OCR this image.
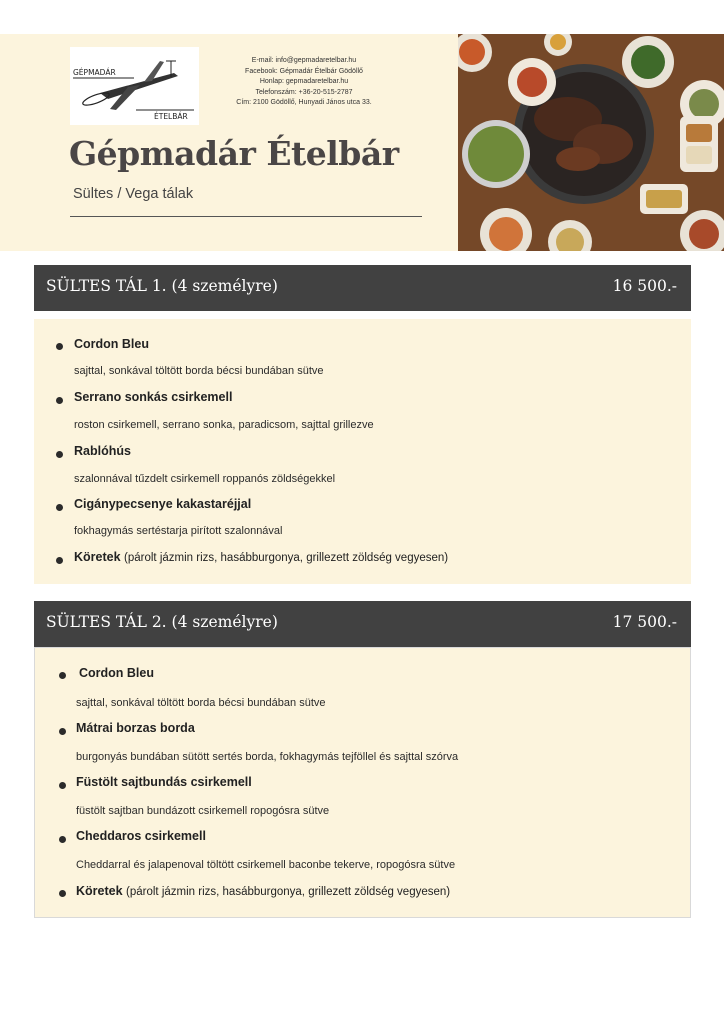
GÉPMADÁR
ÉTELBÁR
E-mail: info@gepmadaretelbar.hu
Facebook: Gépmadár Ételbár Gödöllő
Honlap: gepmadaretelbar.hu
Telefonszám: +36-20-515-2787
Cím: 2100 Gödöllő, Hunyadi János utca 33.
Gépmadár Ételbár
Sültes / Vega tálak
SÜLTES TÁL 1. (4 személyre)	16 500.-
Cordon Bleu
sajttal, sonkával töltött borda bécsi bundában sütve
Serrano sonkás csirkemell
roston csirkemell, serrano sonka, paradicsom, sajttal grillezve
Rablóhús
szalonnával tűzdelt csirkemell roppanós zöldségekkel
Cigánypecsenye kakastaréjjal
fokhagymás sertéstarja pirított szalonnával
Köretek (párolt jázmin rizs, hasábburgonya, grillezett zöldség vegyesen)
SÜLTES TÁL 2. (4 személyre)	17 500.-
Cordon Bleu
sajttal, sonkával töltött borda bécsi bundában sütve
Mátrai borzas borda
burgonyás bundában sütött sertés borda, fokhagymás tejföllel és sajttal szórva
Füstölt sajtbundás csirkemell
füstölt sajtban bundázott csirkemell ropogósra sütve
Cheddaros csirkemell
Cheddarral és jalapenoval töltött csirkemell baconbe tekerve, ropogósra sütve
Köretek (párolt jázmin rizs, hasábburgonya, grillezett zöldség vegyesen)
